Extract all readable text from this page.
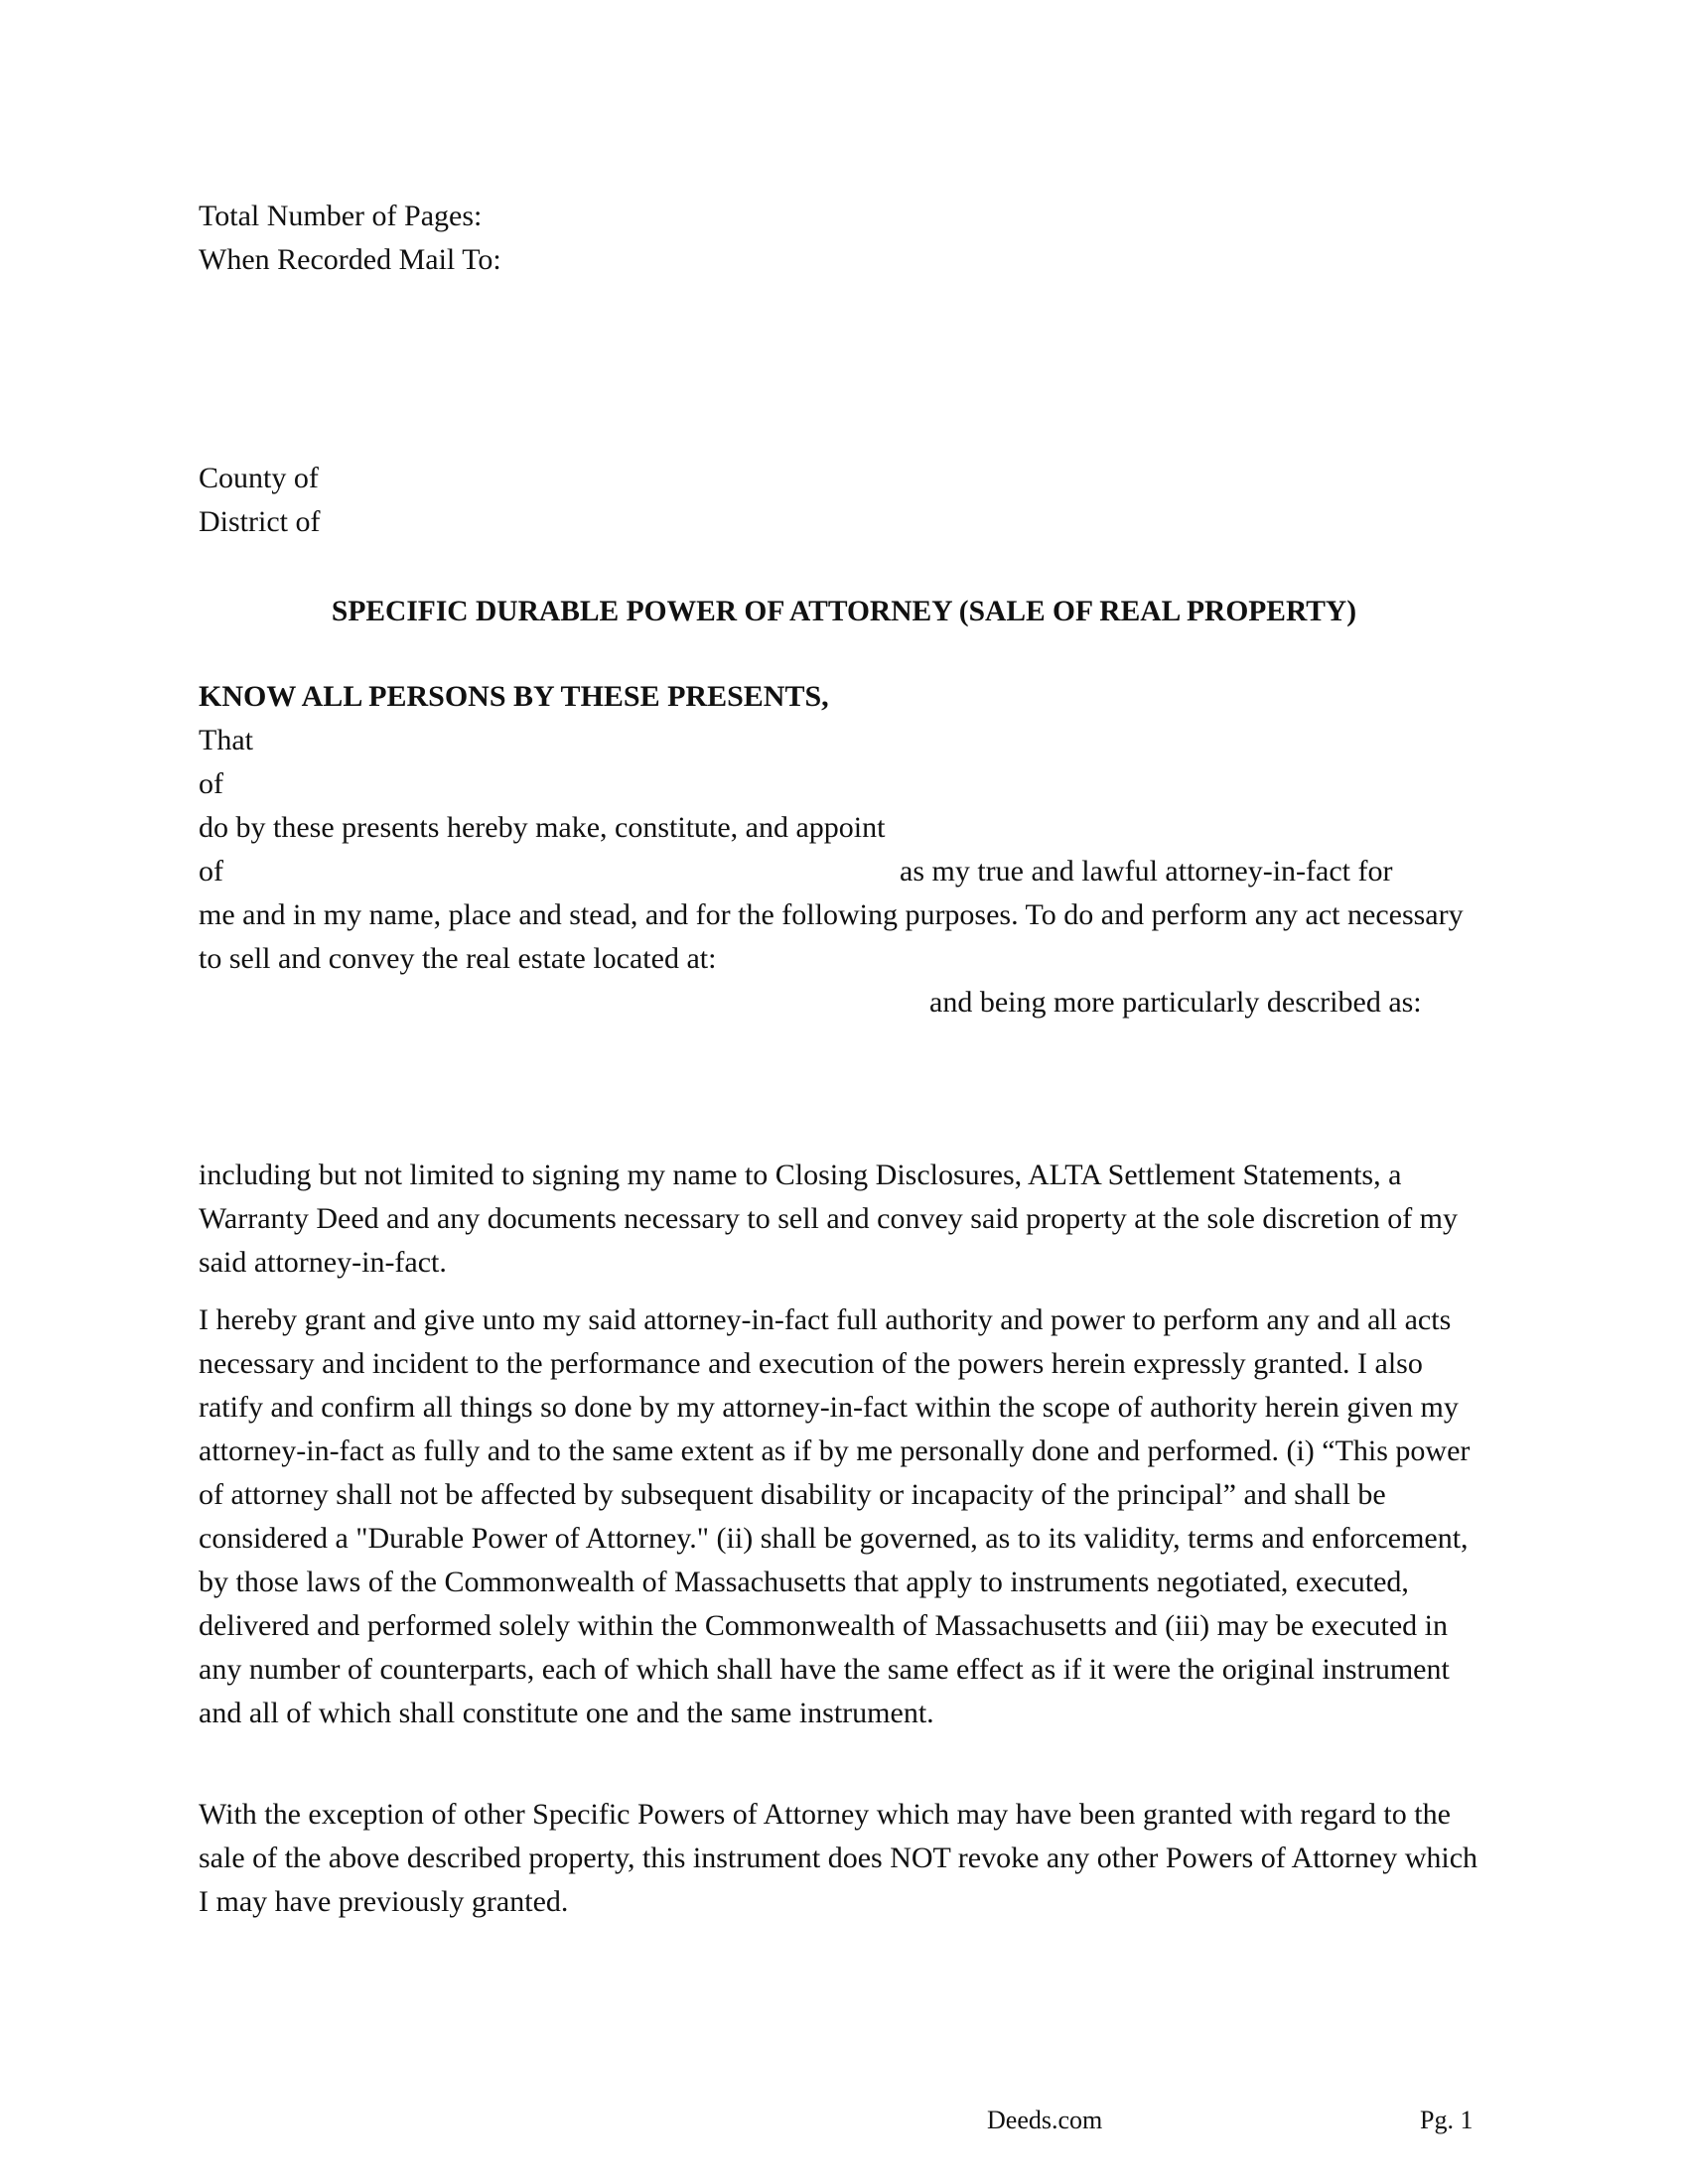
Total Number of Pages:
When Recorded Mail To:
County of
District of
SPECIFIC DURABLE POWER OF ATTORNEY (SALE OF REAL PROPERTY)
KNOW ALL PERSONS BY THESE PRESENTS,
That
of
do by these presents hereby make, constitute, and appoint
of	as my true and lawful attorney-in-fact for
me and in my name, place and stead, and for the following purposes. To do and perform any act necessary to sell and convey the real estate located at:
and being more particularly described as:
including but not limited to signing my name to Closing Disclosures, ALTA Settlement Statements, a Warranty Deed and any documents necessary to sell and convey said property at the sole discretion of my said attorney-in-fact.
I hereby grant and give unto my said attorney-in-fact full authority and power to perform any and all acts necessary and incident to the performance and execution of the powers herein expressly granted. I also ratify and confirm all things so done by my attorney-in-fact within the scope of authority herein given my attorney-in-fact as fully and to the same extent as if by me personally done and performed. (i) “This power of attorney shall not be affected by subsequent disability or incapacity of the principal” and shall be considered a "Durable Power of Attorney." (ii) shall be governed, as to its validity, terms and enforcement, by those laws of the Commonwealth of Massachusetts that apply to instruments negotiated, executed, delivered and performed solely within the Commonwealth of Massachusetts and (iii) may be executed in any number of counterparts, each of which shall have the same effect as if it were the original instrument and all of which shall constitute one and the same instrument.
With the exception of other Specific Powers of Attorney which may have been granted with regard to the sale of the above described property, this instrument does NOT revoke any other Powers of Attorney which I may have previously granted.
Deeds.com	Pg. 1
